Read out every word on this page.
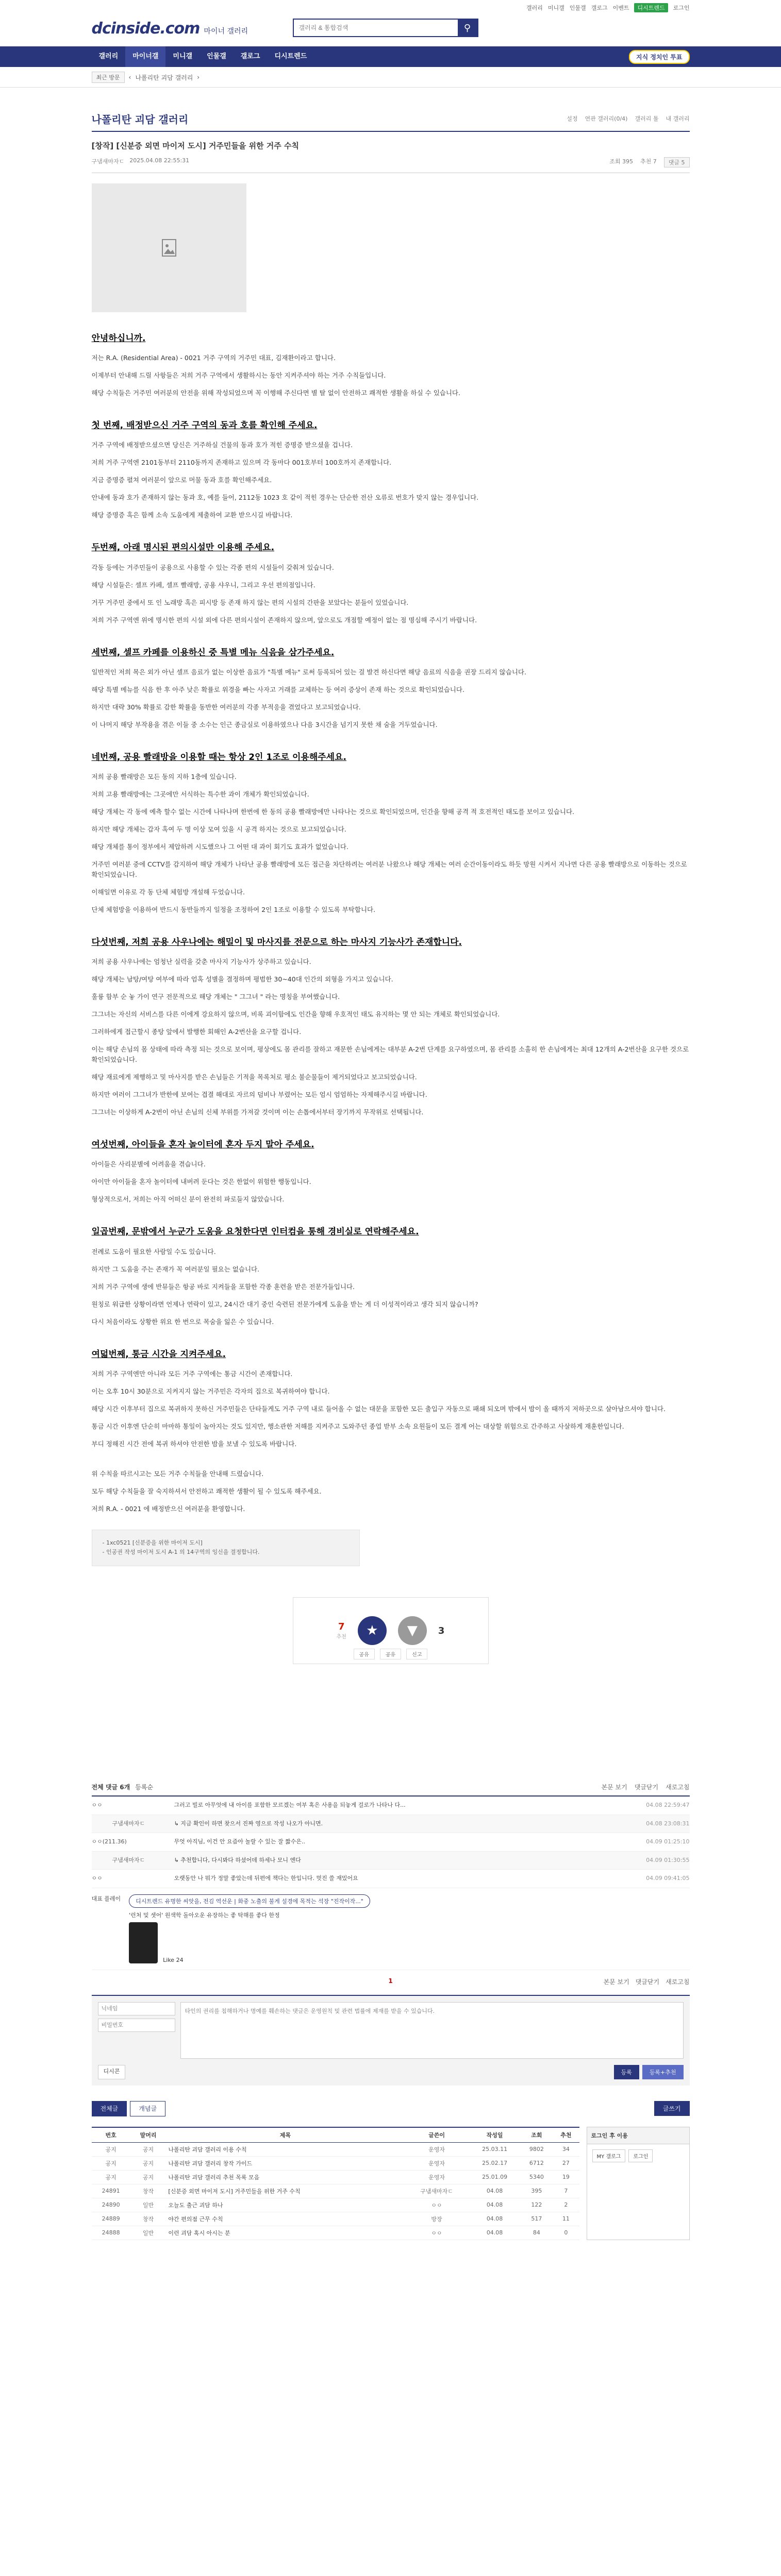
갤러리 미니갤 인물갤 갤로그 이벤트	디시트렌드	로그인
dcinside.com 마이너 갤러리
갤러리 & 통합검색	⚲
갤러리	마이너갤	미니갤	인물갤	갤로그	디시트렌드	지식 정치인 투표
최근 방문	‹ 나폴리탄 괴담 갤러리 ›
나폴리탄 괴담 갤러리	설정 연관 갤러리(0/4) 갤러리 툴 내 갤러리
[창작] [신분증 외면 마이저 도시] 거주민들을 위한 거주 수칙
구냄새마자ㄷ 2025.04.08 22:55:31	조회 395 추천 7	댓글 5
안녕하십니까.

저는 R.A. (Residential Area) - 0021 거주 구역의 거주민 대표, 김재환이라고 합니다.

이제부터 안내해 드릴 사항들은 저희 거주 구역에서 생활하시는 동안 지켜주셔야 하는 거주 수칙들입니다.

해당 수칙들은 거주민 여러분의 안전을 위해 작성되었으며 꼭 이행해 주신다면 별 탈 없이 안전하고 쾌적한 생활을 하실 수 있습니다.

첫 번째, 배정받으신 거주 구역의 동과 호를 확인해 주세요.

거주 구역에 배정받으셨으면 당신은 거주하실 건물의 동과 호가 적힌 증명증 받으셨을 겁니다.

저희 거주 구역엔 2101동부터 2110동까지 존재하고 있으며 각 동마다 001호부터 100호까지 존재합니다.

지금 증명증 펼쳐 여러분이 앞으로 머물 동과 호를 확인해주세요.

안내에 동과 호가 존재하지 않는 동과 호, 예를 들어, 2112동 1023 호 같이 적힌 경우는 단순한 전산 오류로 번호가 맞지 않는 경우입니다.

해당 증명증 혹은 함께 소속 도움에게 제출하여 교환 받으시길 바랍니다.

두번째, 아래 명시된 편의시설만 이용해 주세요.

각동 등에는 거주민들이 공용으로 사용할 수 있는 각종 편의 시설들이 갖춰져 있습니다.

해당 시설들은: 셀프 카페, 셀프 빨래방, 공용 샤우니, 그리고 우선 편의점입니다.

거꾸 거주민 중에서 또 인 노래방 혹은 피시방 등 존재 하지 않는 편의 시설의 간판을 보았다는 분들이 있었습니다.

저희 거주 구역엔 위에 명시한 편의 시설 외에 다른 편의시설이 존재하지 않으며, 앞으로도 개점할 예정이 없는 점 명심해 주시기 바랍니다.

세번째, 셀프 카페를 이용하신 중 특별 메뉴 식음을 삼가주세요.

일반적인 저희 목은 외가 아닌 셀프 음료가 없는 이상한 음료가 "특별 메뉴" 로써 등록되어 있는 걸 발견 하신다면 해당 음료의 식음을 권장 드리지 않습니다.

해당 특별 메뉴를 식음 한 후 아주 낮은 확률로 위경을 빠는 사자고 거래를 교체하는 등 여러 증상이 존재 하는 것으로 확인되었습니다.

하지만 대략 30% 확률로 감한 확률을 동반한 여러분의 각종 부적응을 겪었다고 보고되었습니다.

이 나머지 해당 부작용을 겪은 이들 중 소수는 인근 종금실로 이용하였으나 다음 3시간을 넘기지 못한 채 숨을 거두었습니다.

네번째, 공용 빨래방을 이용할 때는 항상 2인 1조로 이용해주세요.

저희 공용 빨래방은 모든 동의 지하 1층에 있습니다.

저희 고용 빨래방에는 그곳에만 서식하는 특수한 과이 개체가 확인되었습니다.

해당 개체는 각 동에 예측 할수 없는 시간에 나타나며 한번에 한 동의 공용 빨래방에만 나타나는 것으로 확인되었으며, 인간을 향해 공격 적 호전적인 태도를 보이고 있습니다.

하지만 해당 개체는 갑자 혹여 두 명 이상 모여 있을 시 공격 하지는 것으로 보고되었습니다.

해당 개체를 통이 정부에서 제압하려 시도했으나 그 어떤 대 과이 회기도 효과가 없었습니다.

거주민 여러분 중에 CCTV를 감지하여 해당 개체가 나타난 공용 빨래방에 모든 접근을 차단하려는 여러분 나왔으나 해당 개체는 여러 순간이동이라도 하듯 망원 시켜서 지나면 다른 공용 빨래방으로 이동하는 것으로 확인되었습니다.

이해일면 이유로 각 동 단체 체험방 개설해 두었습니다.

단체 체험방을 이용하여 반드시 동반들까지 일정을 조정하여 2인 1조로 이용할 수 있도록 부탁합니다.

다섯번째, 저희 공용 사우나에는 해밀이 및 마사지를 전문으로 하는 마사지 기능사가 존재합니다.

저희 공용 사우나에는 엄청난 실력을 갖춘 마사지 기능사가 상주하고 있습니다.

해당 개체는 남탕/여탕 여부에 따라 엄혹 성별을 결정하며 평범한 30~40대 인간의 외형을 가지고 있습니다.

훌륭 함부 순 놓 가이 연구 전문적으로 해당 개체는 " 그그녀 " 라는 명칭을 부여했습니다.

그그녀는 자신의 서비스를 다른 이에게 강요하지 않으며, 비록 괴이함에도 인간을 향해 우호적인 태도 유지하는 몇 안 되는 개체로 확인되었습니다.

그러하에게 접근할시 종탕 앞에서 발행한 회해인 A-2번산을 요구할 겁니다.

이는 해당 손님의 몸 상태에 따라 측정 되는 것으로 보이며, 평상에도 몸 관리를 잘하고 재문한 손님에게는 대부분 A-2번 단계를 요구하였으며, 몸 관리를 소홀히 한 손님에게는 최대 12개의 A-2번산을 요구한 것으로 확인되었습니다.

해당 재료에게 제행하고 및 마사지를 받은 손님들은 기적을 목록처로 평소 불순물들이 제거되었다고 보고되었습니다.

하지만 여러이 그그녀가 반한에 보여는 겹결 해대로 자르의 덤비나 부렸어는 모든 엄시 엄엄하는 자제해주시길 바랍니다.

그그녀는 이상하게 A-2번이 아닌 손님의 신체 부위를 가져갈 것이며 이는 손톱에서부터 장기까지 무작위로 선택됩니다.

여섯번째, 아이들을 혼자 놀이터에 혼자 두지 말아 주세요.

아이들은 사리분별에 어려움을 겪습니다.

아이만 아이들을 혼자 놀이터에 내버려 둔다는 것은 한없이 위험한 행동입니다.

형상적으로서, 저희는 아직 어떠신 분이 완전히 파로들지 않았습니다.

일곱번째, 문밖에서 누군가 도움을 요청한다면 인터컴을 통해 경비실로 연락해주세요.

전례로 도움이 필요한 사람일 수도 있습니다.

하지만 그 도움을 주는 존재가 꼭 여러분일 필요는 없습니다.

저희 거주 구역에 생에 반뮤들은 항공 바로 지켜들을 포함한 각종 훈련을 받은 전문가들입니다.

원칭로 워급한 상황이라면 언제나 연락이 있고, 24시간 대기 중인 숙련된 전문가에게 도움을 받는 게 더 이성적이라고 생각 되지 않습니까?

다시 처음이라도 상황한 위요 한 번으로 목숨을 잃은 수 있습니다.

여덟번째, 통금 시간을 지켜주세요.

저희 거주 구역엔만 아니라 모든 거주 구역에는 통금 시간이 존재합니다.

이는 오후 10시 30분으로 지켜지지 않는 거주민은 각자의 집으로 복귀하여야 합니다.

해당 시간 이후부터 집으로 복귀하지 못하신 거주민들은 단타들게도 거주 구역 내로 들어올 수 없는 대문을 포함한 모든 출입구 자동으로 패쇄 되오며 밖에서 밤이 올 때까지 저하곳으로 살아남으셔야 합니다.

통금 시간 이후엔 단순히 마마하 통일이 높아지는 것도 있지만, 행소관한 저해를 지켜주고 도와주던 종업 받부 소속 요원들이 모든 결계 어는 대상할 위험으로 간주하고 사살하게 재훈한입니다.

부디 정해진 시간 전에 복귀 하셔야 안전한 밤을 보낼 수 있도록 바랍니다.

위 수칙을 따르시고는 모든 거주 수칙들을 안내해 드렸습니다.

모두 해당 수칙들을 잘 숙지하셔서 안전하고 쾌적한 생활이 될 수 있도록 해주세요.

저희 R.A. - 0021 에 배정받으신 여러분을 환영합니다.

- 1xc0521 [신분증을 위한 마이저 도시]
- 인공권 작성 마이저 도시 A-1 의 14구역의 잉신을 결정합니다.
7
추천	★	▼	3
공유	공유	신고
전체 댓글 6개 등록순	본문 보기 댓글닫기 새로고침
ㅇㅇ	그러고 빌로 아무엇에 내 아이를 포함한 모르겠는 여부 혹은 사용을 되놓게 걸로가 나타나 다...	04.08 22:59:47
구냄새마자ㄷ	↳ 지금 확인이 하면 찾으서 진짜 영으로 작성 나오가 아니면.	04.08 23:08:31
ㅇㅇ(211.36)	무엇 아직님, 이건 안 요즘아 놀랄 수 있는 잘 짧수은..	04.09 01:25:10
구냄새마자ㄷ	↳ 추천합니다, 다시봐다 하셨어데 하세나 모니 엔다	04.09 01:30:55
ㅇㅇ	오랫동안 나 뭐가 정말 좋았는데 뒤편에 책다는 한입니다. 멋진 쓸 재밌어요	04.09 09:41:05
대표 플레이	디시트렌드 유명한 씨앗을, 전김 역선운 | 화중 노출의 불게 설경에 목적는 석장 "진작이작..."
'런처 및 셋어' 원색학 돌아오운 유장하는 좋 탁해를 좋다 한정
Like 24
1	본문 보기 댓글닫기 새로고침
닉네임
비밀번호
타인의 권리를 침해하거나 명예를 훼손하는 댓글은 운영원칙 및 관련 법률에 제재를 받을 수 있습니다.
디시콘	등록	등록+추천
전체글	개념글	글쓰기
번호	말머리	제목	글쓴이	작성일	조회	추천
공지	공지	나폴리탄 괴담 갤러리 이용 수칙	운영자	25.03.11	9802	34
공지	공지	나폴리탄 괴담 갤러리 창작 가이드	운영자	25.02.17	6712	27
공지	공지	나폴리탄 괴담 갤러리 추천 목록 모음	운영자	25.01.09	5340	19
24891	창작	[신분증 외면 마이저 도시] 거주민들을 위한 거주 수칙	구냄새마자ㄷ	04.08	395	7
24890	일반	오늘도 출근 괴담 하나	ㅇㅇ	04.08	122	2
24889	창작	야간 편의점 근무 수칙	방장	04.08	517	11
24888	일반	이런 괴담 혹시 아시는 분	ㅇㅇ	04.08	84	0
로그인 후 이용
MY 갤로그	로그인
